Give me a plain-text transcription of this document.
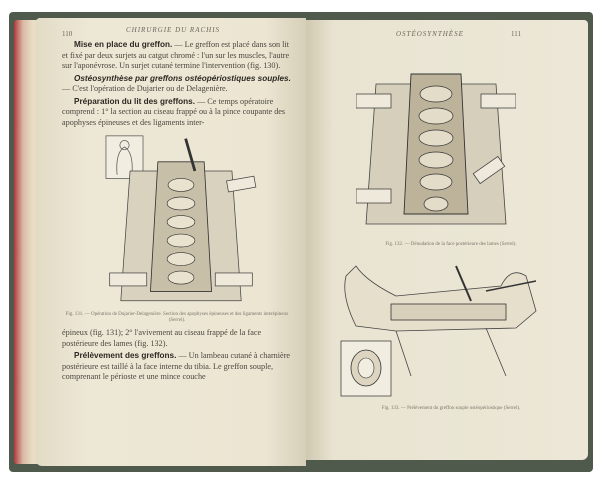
110	CHIRURGIE DU RACHIS
Mise en place du greffon. — Le greffon est placé dans son lit et fixé par deux surjets au catgut chromé : l'un sur les muscles, l'autre sur l'aponévrose. Un surjet cutané termine l'intervention (fig. 130).
Ostéosynthèse par greffons ostéopériostiques souples. — C'est l'opération de Dujarier ou de Delagenière.
Préparation du lit des greffons. — Ce temps opératoire comprend : 1° la section au ciseau frappé ou à la pince coupante des apophyses épineuses et des ligaments inter-
Fig. 131. — Opération de Dujarier-Delagenière. Section des apophyses épineuses et des ligaments interépineux (Serrel).
épineux (fig. 131); 2° l'avivement au ciseau frappé de la face postérieure des lames (fig. 132).
Prélèvement des greffons. — Un lambeau cutané à charnière postérieure est taillé à la face interne du tibia. Le greffon souple, comprenant le périoste et une mince couche
OSTÉOSYNTHÈSE	111
Fig. 132. — Dénudation de la face postérieure des lames (Serrel).
Fig. 133. — Prélèvement du greffon souple ostéopériostique (Serrel).
